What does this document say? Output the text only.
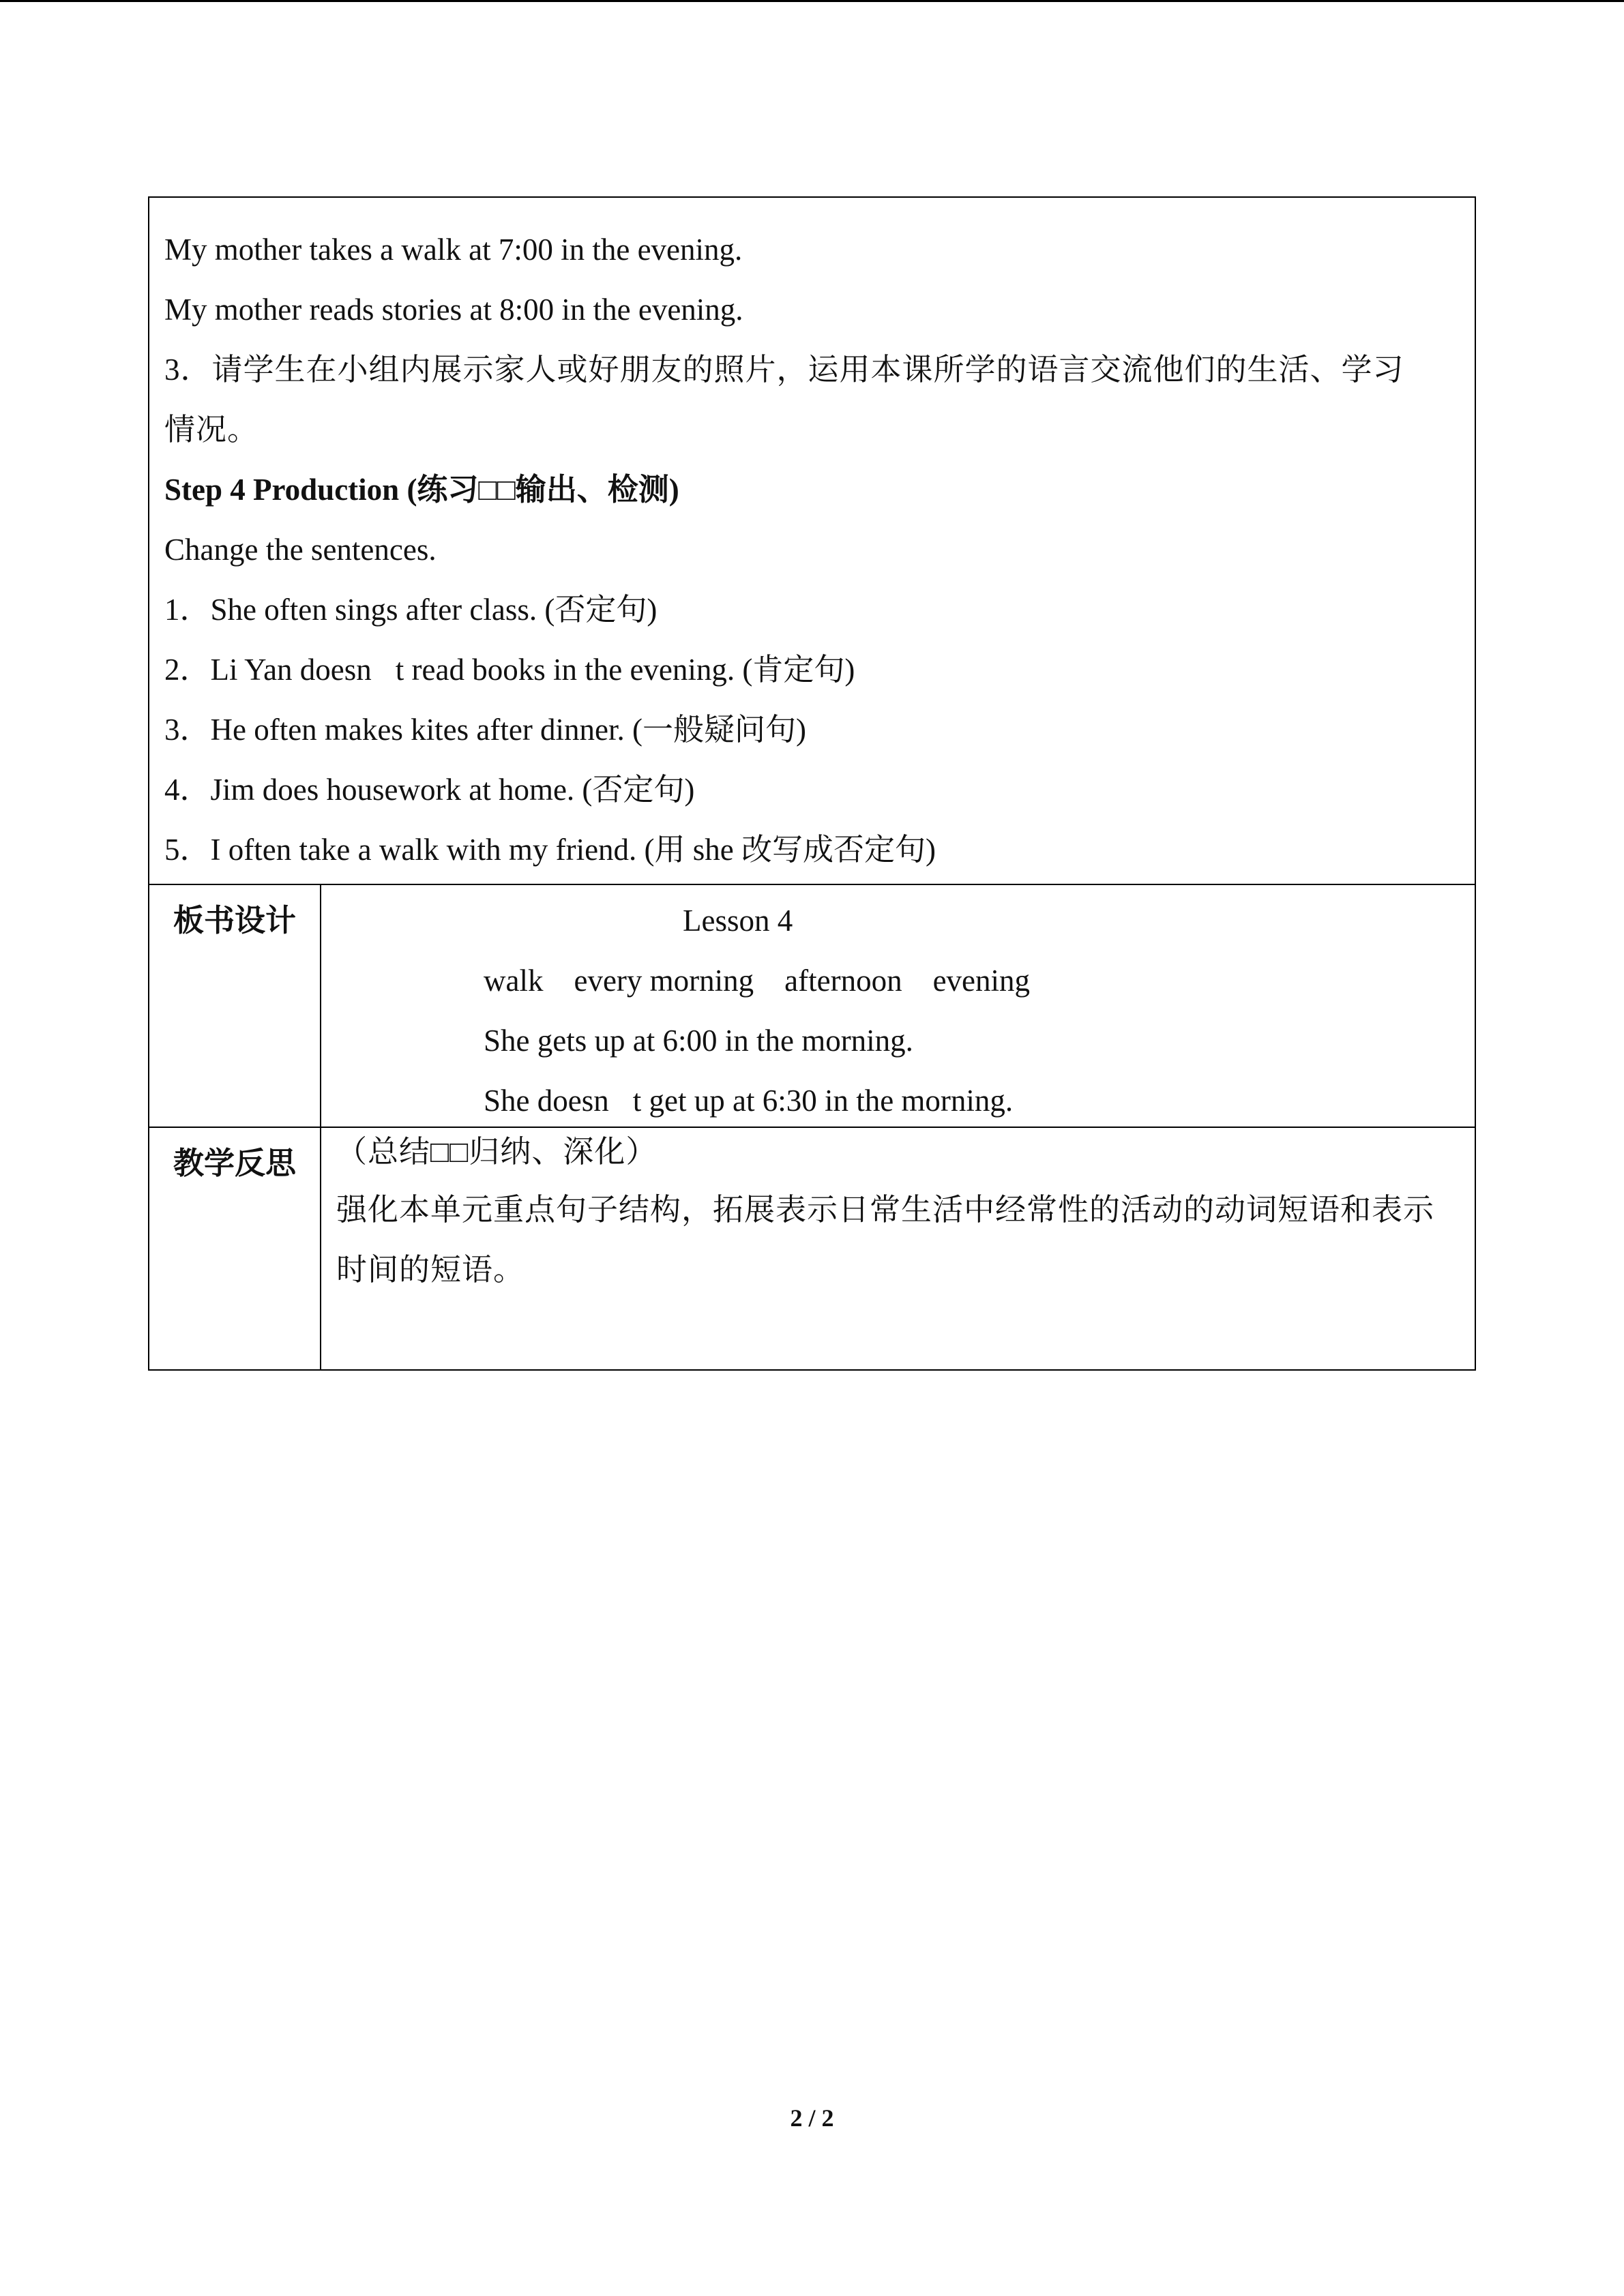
My mother takes a walk at 7:00 in the evening.

My mother reads stories at 8:00 in the evening.

3．请学生在小组内展示家人或好朋友的照片，运用本课所学的语言交流他们的生活、学习

情况。

Step 4 Production (练习□□输出、检测)

Change the sentences.

1．She often sings after class. (否定句)

2．Li Yan doesn t read books in the evening. (肯定句)

3．He often makes kites after dinner. (一般疑问句)

4．Jim does housework at home. (否定句)

5．I often take a walk with my friend. (用 she 改写成否定句)

板书设计	Lesson 4

walk    every morning    afternoon    evening

She gets up at 6:00 in the morning.

She doesn t get up at 6:30 in the morning.

教学反思	（总结□□归纳、深化）

强化本单元重点句子结构，拓展表示日常生活中经常性的活动的动词短语和表示时间的短语。

2 / 2
